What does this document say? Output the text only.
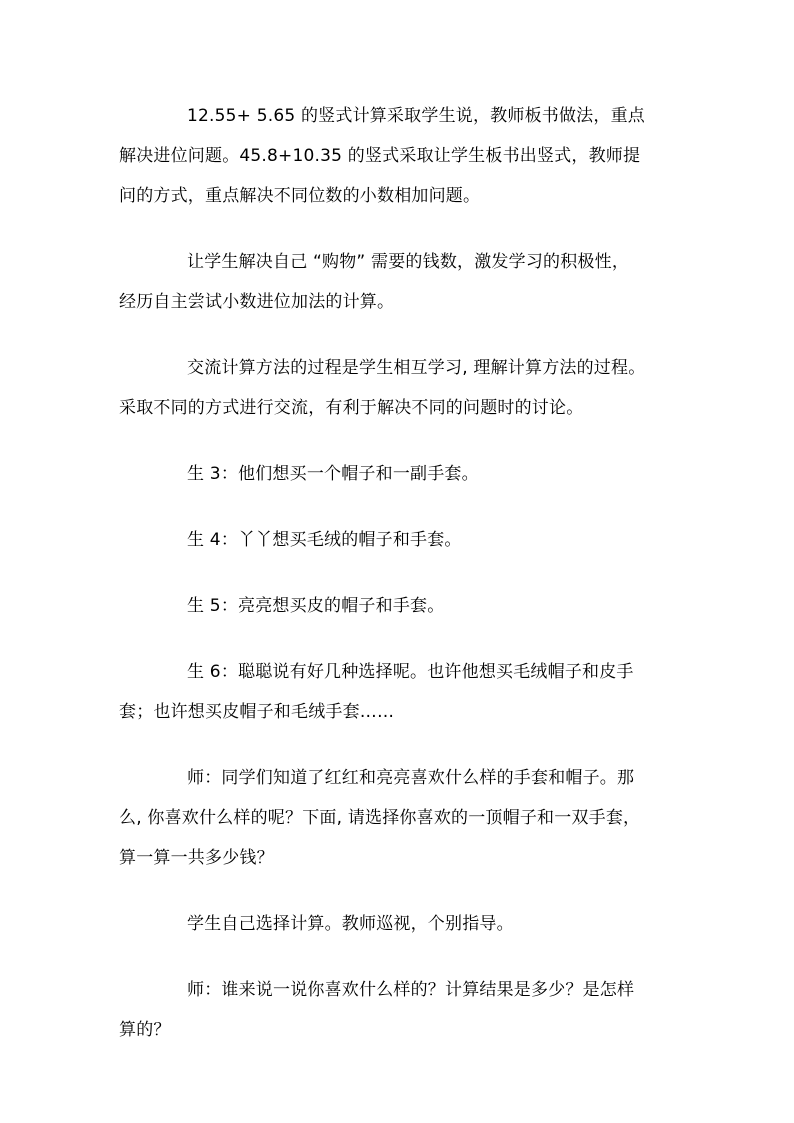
12.55+ 5.65 的竖式计算采取学生说，教师板书做法，重点
解决进位问题。45.8+10.35 的竖式采取让学生板书出竖式，教师提
问的方式，重点解决不同位数的小数相加问题。

让学生解决自己 “购物” 需要的钱数，激发学习的积极性，
经历自主尝试小数进位加法的计算。

交流计算方法的过程是学生相互学习, 理解计算方法的过程。
采取不同的方式进行交流，有利于解决不同的问题时的讨论。

生 3：他们想买一个帽子和一副手套。

生 4：丫丫想买毛绒的帽子和手套。

生 5：亮亮想买皮的帽子和手套。

生 6：聪聪说有好几种选择呢。也许他想买毛绒帽子和皮手
套；也许想买皮帽子和毛绒手套……

师：同学们知道了红红和亮亮喜欢什么样的手套和帽子。那
么, 你喜欢什么样的呢？下面, 请选择你喜欢的一顶帽子和一双手套，
算一算一共多少钱？

学生自己选择计算。教师巡视，个别指导。

师：谁来说一说你喜欢什么样的？计算结果是多少？是怎样
算的？
